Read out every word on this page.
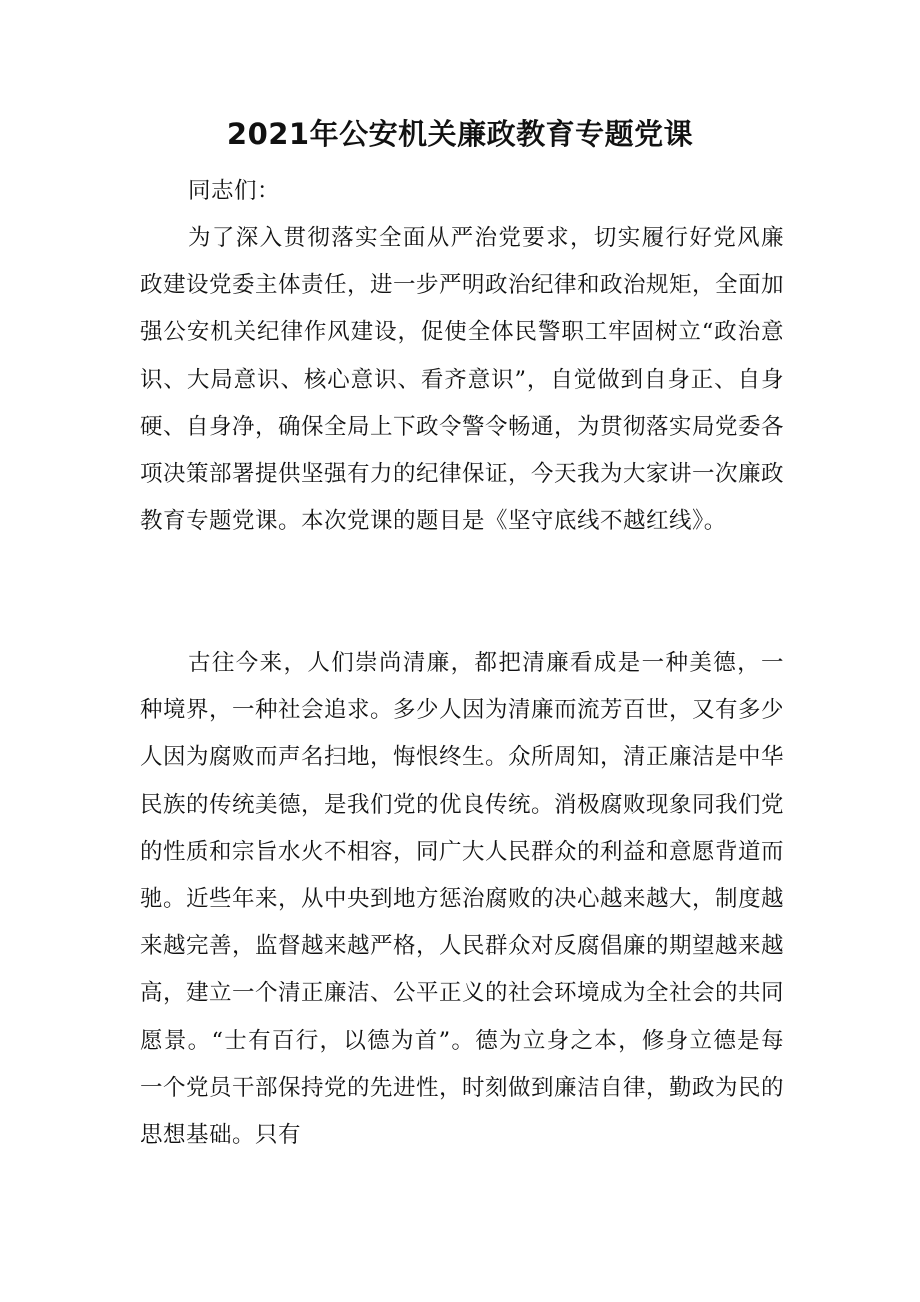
2021年公安机关廉政教育专题党课

同志们：

为了深入贯彻落实全面从严治党要求，切实履行好党风廉政建设党委主体责任，进一步严明政治纪律和政治规矩，全面加强公安机关纪律作风建设，促使全体民警职工牢固树立“政治意识、大局意识、核心意识、看齐意识”，自觉做到自身正、自身硬、自身净，确保全局上下政令警令畅通，为贯彻落实局党委各项决策部署提供坚强有力的纪律保证，今天我为大家讲一次廉政教育专题党课。本次党课的题目是《坚守底线不越红线》。

古往今来，人们崇尚清廉，都把清廉看成是一种美德，一种境界，一种社会追求。多少人因为清廉而流芳百世，又有多少人因为腐败而声名扫地，悔恨终生。众所周知，清正廉洁是中华民族的传统美德，是我们党的优良传统。消极腐败现象同我们党的性质和宗旨水火不相容，同广大人民群众的利益和意愿背道而驰。近些年来，从中央到地方惩治腐败的决心越来越大，制度越来越完善，监督越来越严格，人民群众对反腐倡廉的期望越来越高，建立一个清正廉洁、公平正义的社会环境成为全社会的共同愿景。“士有百行，以德为首”。德为立身之本，修身立德是每一个党员干部保持党的先进性，时刻做到廉洁自律，勤政为民的思想基础。只有
